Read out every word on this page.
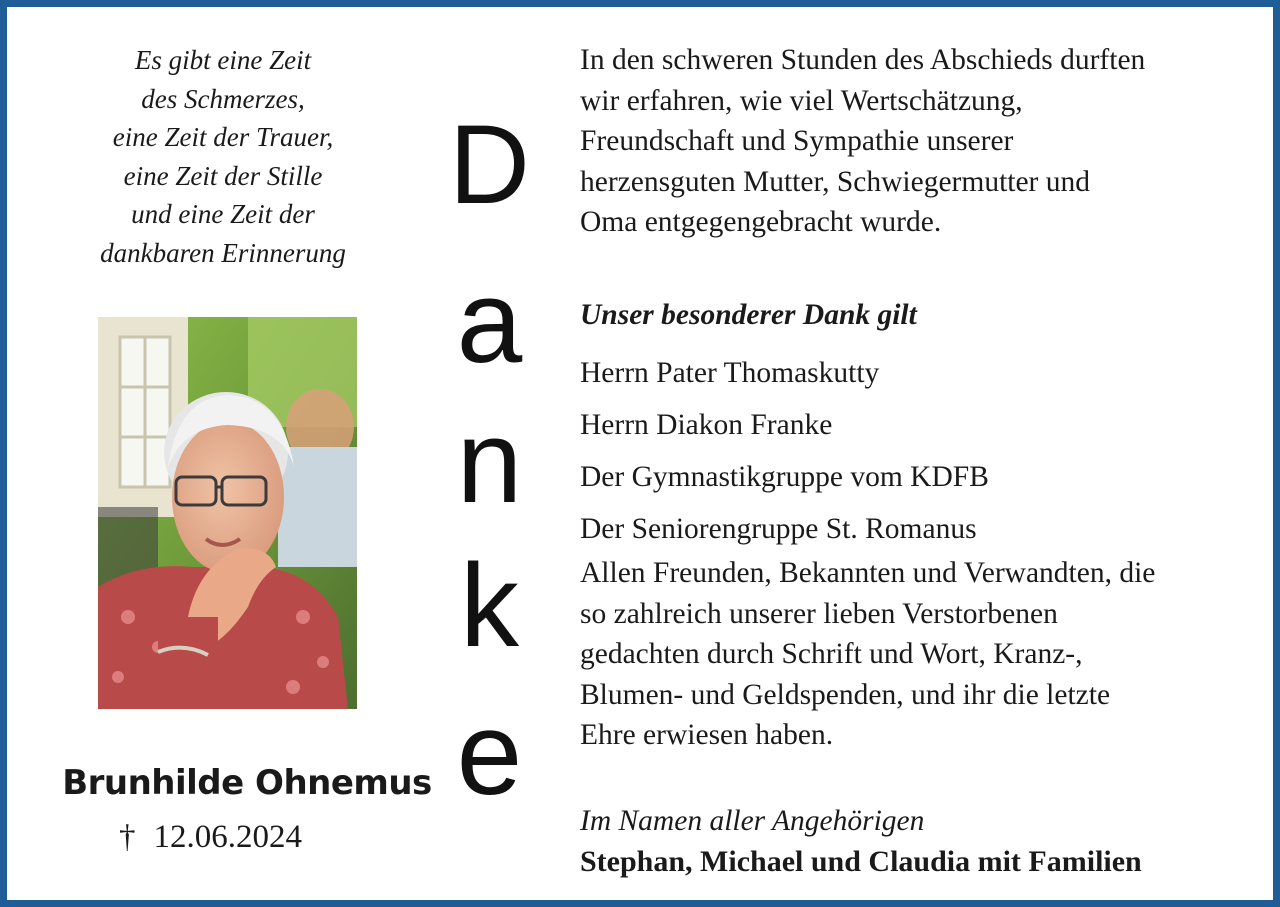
Es gibt eine Zeit
des Schmerzes,
eine Zeit der Trauer,
eine Zeit der Stille
und eine Zeit der
dankbaren Erinnerung
Brunhilde Ohnemus
† 12.06.2024
D
a
n
k
e
In den schweren Stunden des Abschieds durften
wir erfahren, wie viel Wertschätzung,
Freundschaft und Sympathie unserer
herzensguten Mutter, Schwiegermutter und
Oma entgegengebracht wurde.
Unser besonderer Dank gilt
Herrn Pater Thomaskutty
Herrn Diakon Franke
Der Gymnastikgruppe vom KDFB
Der Seniorengruppe St. Romanus
Allen Freunden, Bekannten und Verwandten, die
so zahlreich unserer lieben Verstorbenen
gedachten durch Schrift und Wort, Kranz-,
Blumen- und Geldspenden, und ihr die letzte
Ehre erwiesen haben.
Im Namen aller Angehörigen
Stephan, Michael und Claudia mit Familien
